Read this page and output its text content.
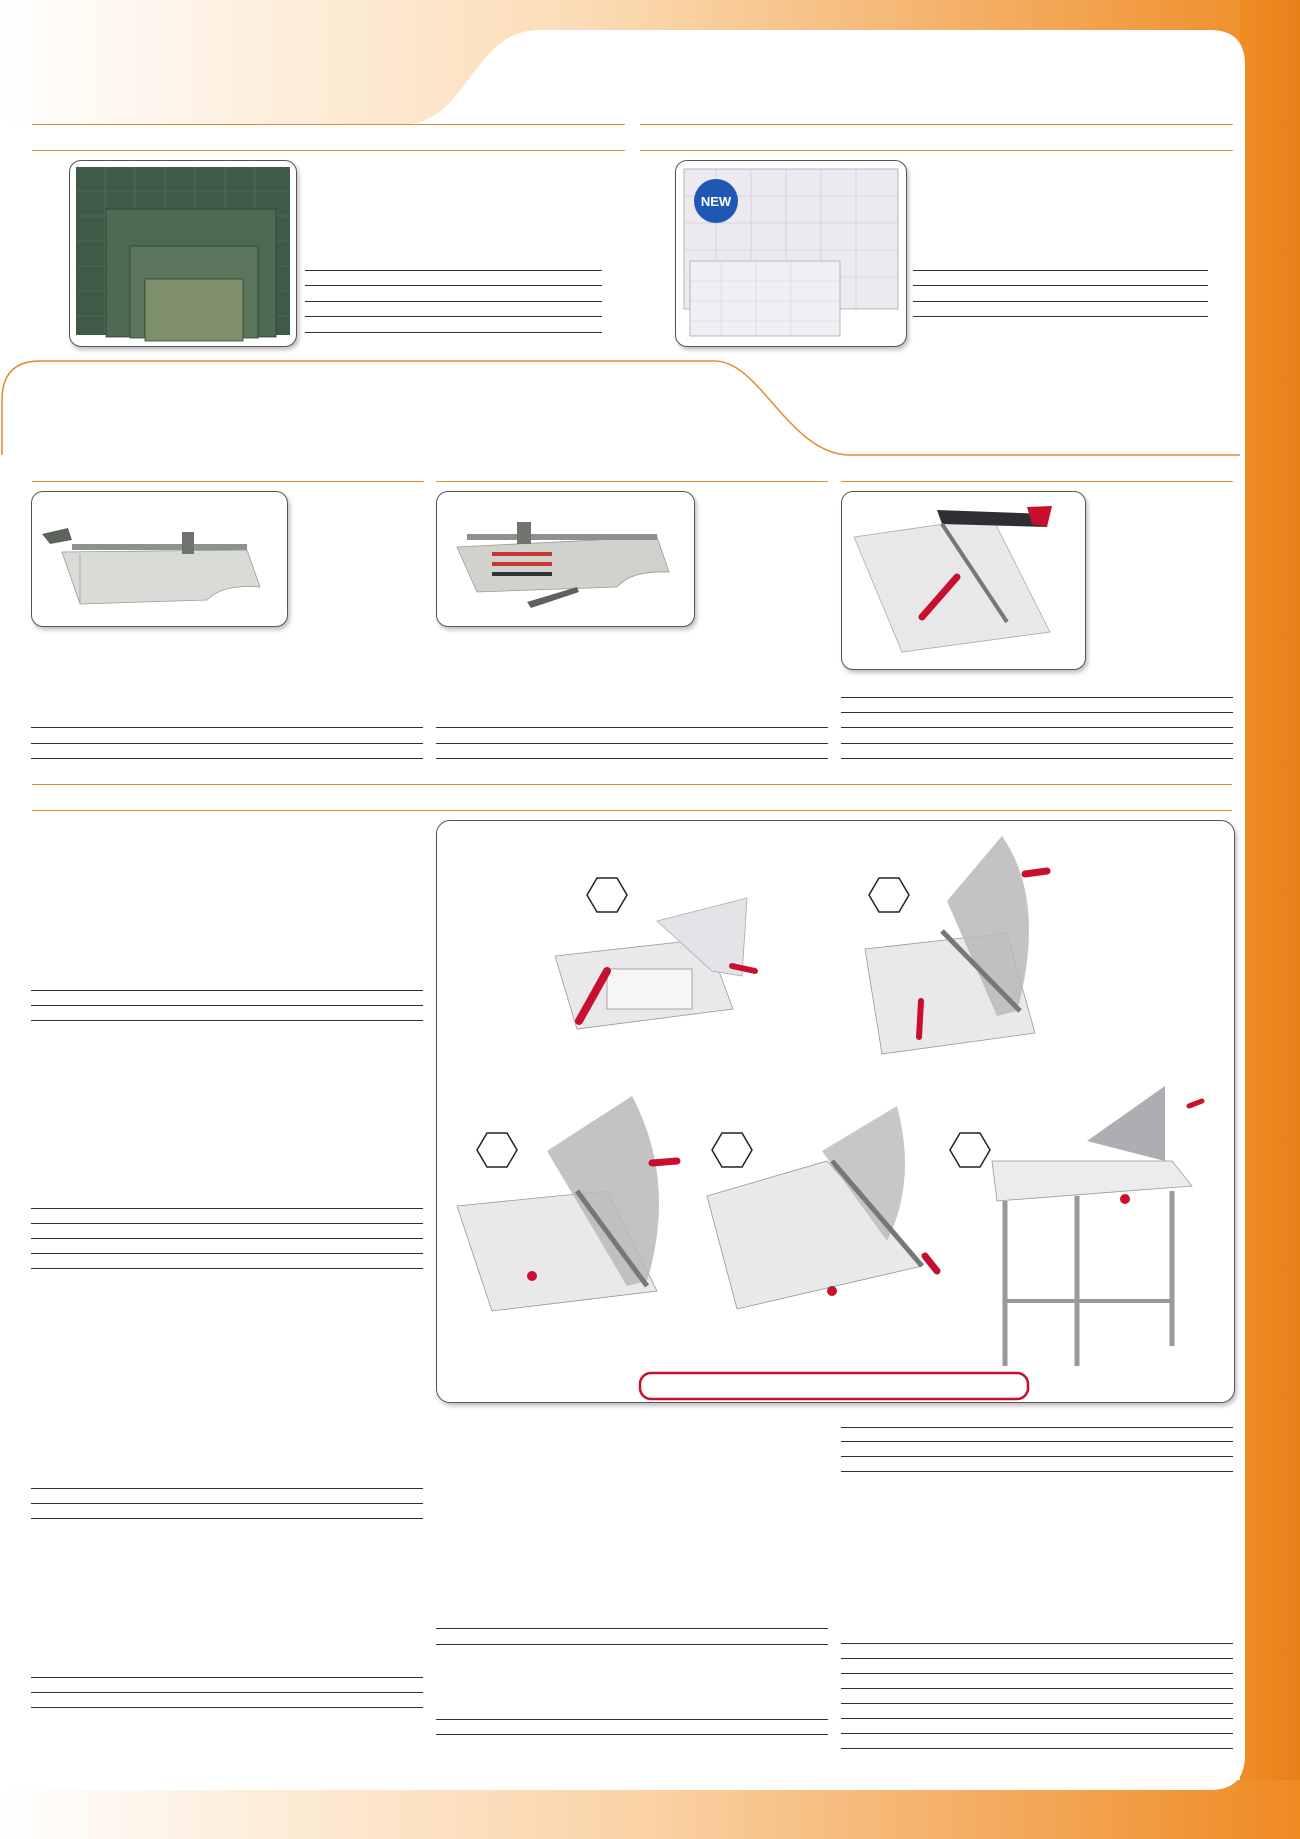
NEW
